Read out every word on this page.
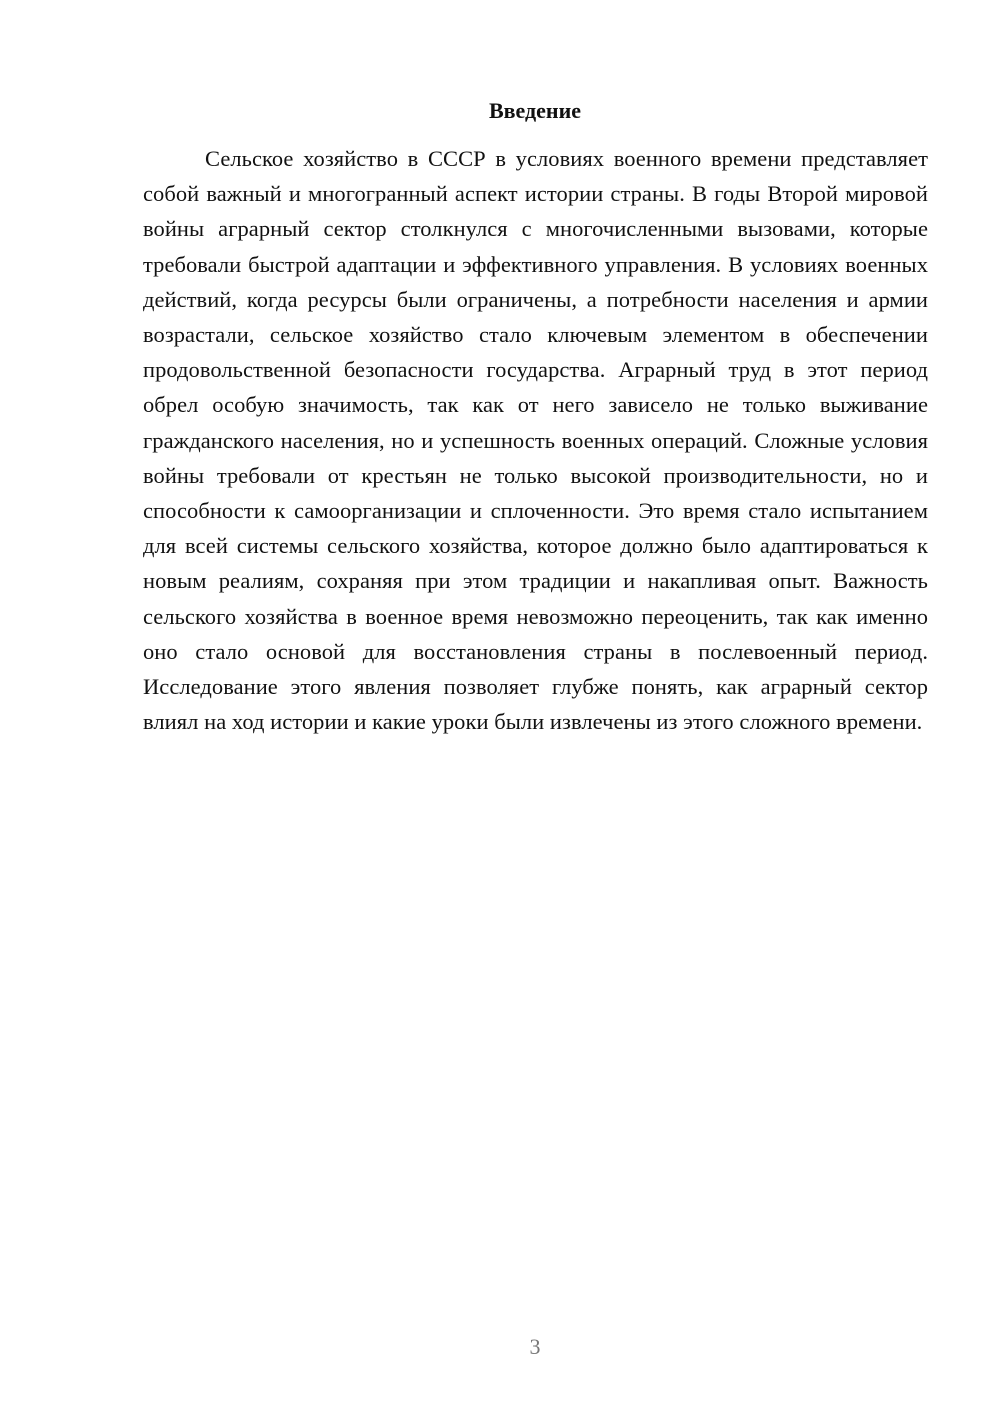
Введение

Сельское хозяйство в СССР в условиях военного времени представляет собой важный и многогранный аспект истории страны. В годы Второй мировой войны аграрный сектор столкнулся с многочисленными вызовами, которые требовали быстрой адаптации и эффективного управления. В условиях военных действий, когда ресурсы были ограничены, а потребности населения и армии возрастали, сельское хозяйство стало ключевым элементом в обеспечении продовольственной безопасности государства. Аграрный труд в этот период обрел особую значимость, так как от него зависело не только выживание гражданского населения, но и успешность военных операций. Сложные условия войны требовали от крестьян не только высокой производительности, но и способности к самоорганизации и сплоченности. Это время стало испытанием для всей системы сельского хозяйства, которое должно было адаптироваться к новым реалиям, сохраняя при этом традиции и накапливая опыт. Важность сельского хозяйства в военное время невозможно переоценить, так как именно оно стало основой для восстановления страны в послевоенный период. Исследование этого явления позволяет глубже понять, как аграрный сектор влиял на ход истории и какие уроки были извлечены из этого сложного времени.

3
